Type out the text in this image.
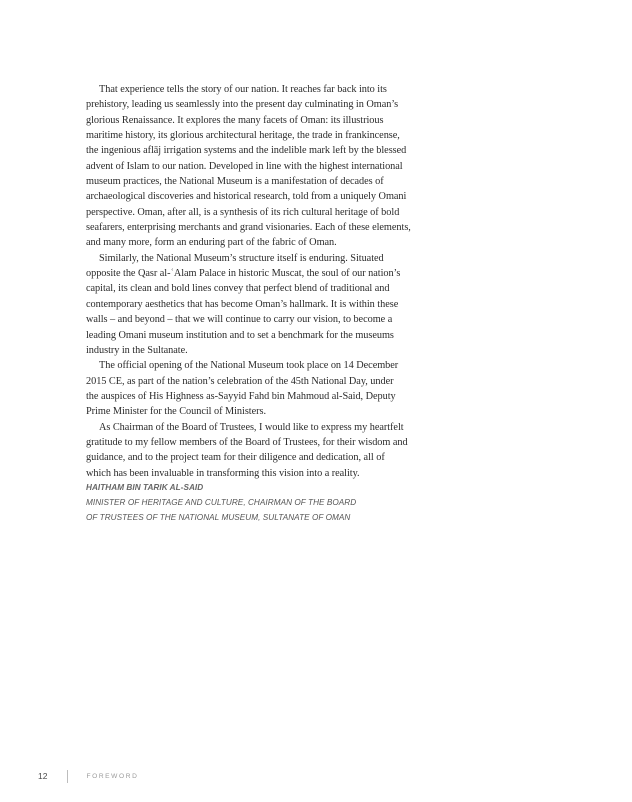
That experience tells the story of our nation. It reaches far back into its
prehistory, leading us seamlessly into the present day culminating in Oman’s
glorious Renaissance. It explores the many facets of Oman: its illustrious
maritime history, its glorious architectural heritage, the trade in frankincense,
the ingenious aflāj irrigation systems and the indelible mark left by the blessed
advent of Islam to our nation. Developed in line with the highest international
museum practices, the National Museum is a manifestation of decades of
archaeological discoveries and historical research, told from a uniquely Omani
perspective. Oman, after all, is a synthesis of its rich cultural heritage of bold
seafarers, enterprising merchants and grand visionaries. Each of these elements,
and many more, form an enduring part of the fabric of Oman.

Similarly, the National Museum’s structure itself is enduring. Situated
opposite the Qasr al-ʿAlam Palace in historic Muscat, the soul of our nation’s
capital, its clean and bold lines convey that perfect blend of traditional and
contemporary aesthetics that has become Oman’s hallmark. It is within these
walls – and beyond – that we will continue to carry our vision, to become a
leading Omani museum institution and to set a benchmark for the museums
industry in the Sultanate.

The official opening of the National Museum took place on 14 December
2015 CE, as part of the nation’s celebration of the 45th National Day, under
the auspices of His Highness as-Sayyid Fahd bin Mahmoud al-Said, Deputy
Prime Minister for the Council of Ministers.

As Chairman of the Board of Trustees, I would like to express my heartfelt
gratitude to my fellow members of the Board of Trustees, for their wisdom and
guidance, and to the project team for their diligence and dedication, all of
which has been invaluable in transforming this vision into a reality.

HAITHAM BIN TARIK AL-SAID
MINISTER OF HERITAGE AND CULTURE, CHAIRMAN OF THE BOARD
OF TRUSTEES OF THE NATIONAL MUSEUM, SULTANATE OF OMAN
12	FOREWORD
